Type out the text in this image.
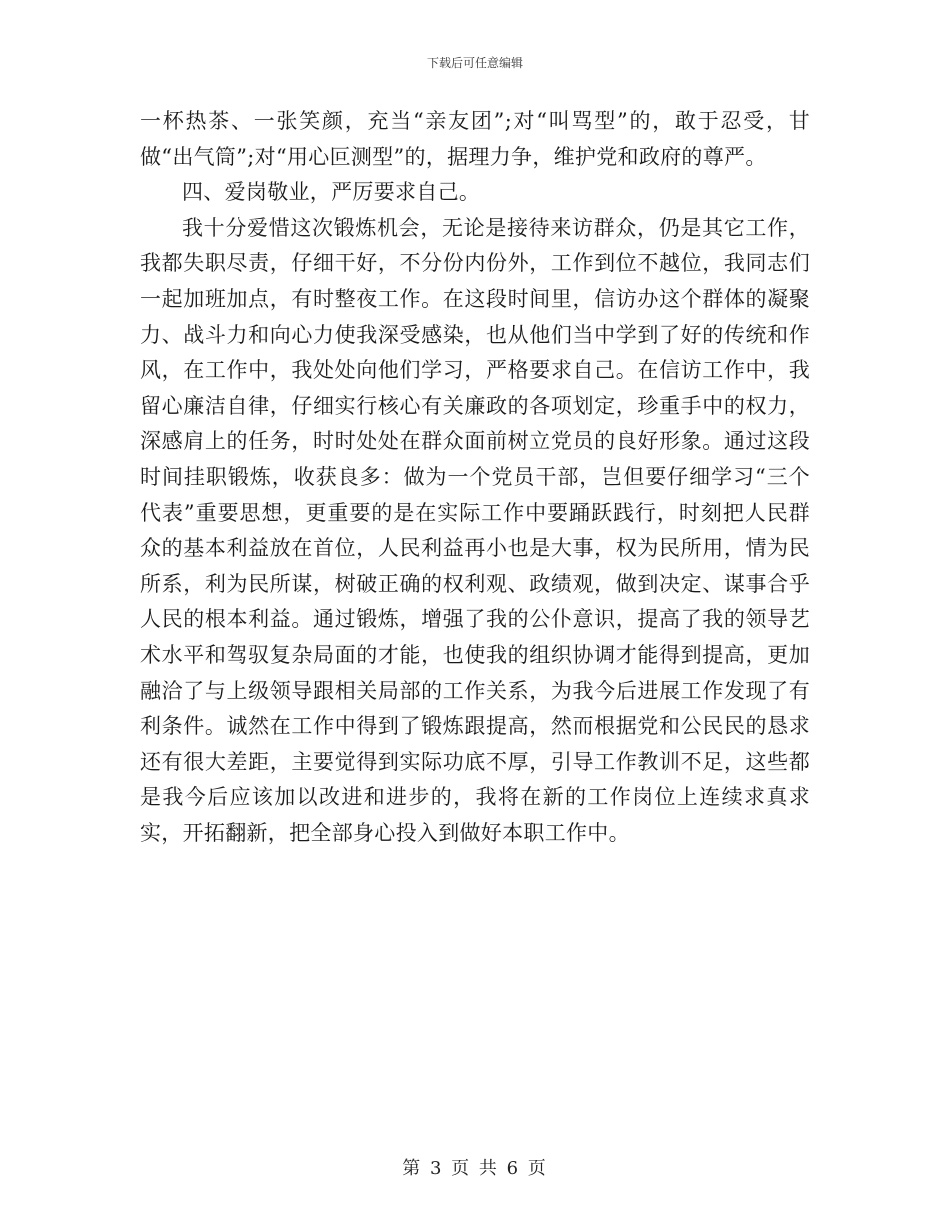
下载后可任意编辑

一杯热茶、一张笑颜，充当“亲友团”;对“叫骂型”的，敢于忍受，甘做“出气筒”;对“用心叵测型”的，据理力争，维护党和政府的尊严。

四、爱岗敬业，严厉要求自己。

我十分爱惜这次锻炼机会，无论是接待来访群众，仍是其它工作，我都失职尽责，仔细干好，不分份内份外，工作到位不越位，我同志们一起加班加点，有时整夜工作。在这段时间里，信访办这个群体的凝聚力、战斗力和向心力使我深受感染，也从他们当中学到了好的传统和作风，在工作中，我处处向他们学习，严格要求自己。在信访工作中，我留心廉洁自律，仔细实行核心有关廉政的各项划定，珍重手中的权力，深感肩上的任务，时时处处在群众面前树立党员的良好形象。通过这段时间挂职锻炼，收获良多：做为一个党员干部，岂但要仔细学习“三个代表”重要思想，更重要的是在实际工作中要踊跃践行，时刻把人民群众的基本利益放在首位，人民利益再小也是大事，权为民所用，情为民所系，利为民所谋，树破正确的权利观、政绩观，做到决定、谋事合乎人民的根本利益。通过锻炼，增强了我的公仆意识，提高了我的领导艺术水平和驾驭复杂局面的才能，也使我的组织协调才能得到提高，更加融洽了与上级领导跟相关局部的工作关系，为我今后进展工作发现了有利条件。诚然在工作中得到了锻炼跟提高，然而根据党和公民民的恳求还有很大差距，主要觉得到实际功底不厚，引导工作教训不足，这些都是我今后应该加以改进和进步的，我将在新的工作岗位上连续求真求实，开拓翻新，把全部身心投入到做好本职工作中。

第 3 页 共 6 页
